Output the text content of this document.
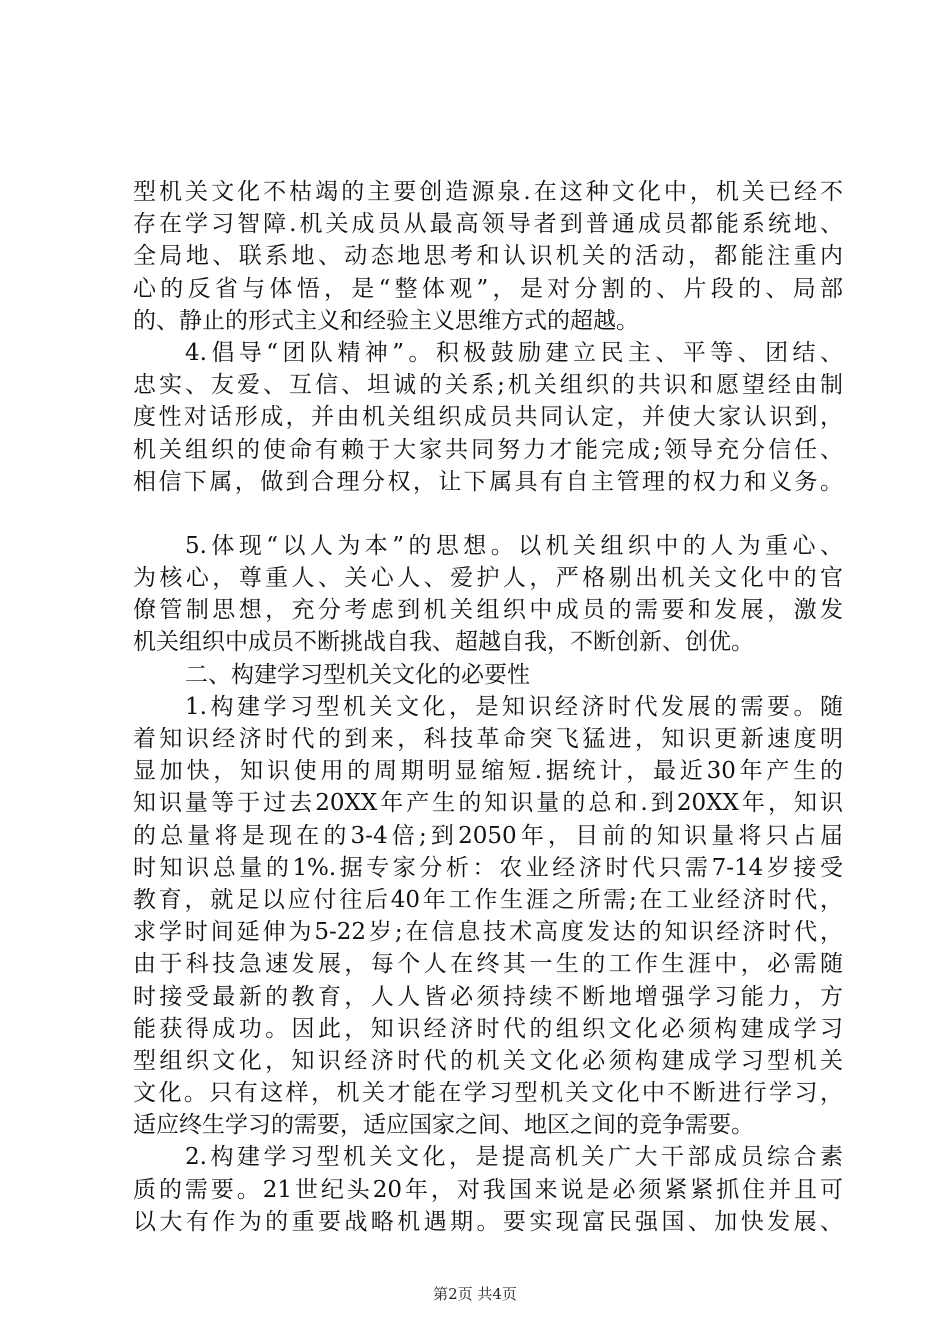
型机关文化不枯竭的主要创造源泉.在这种文化中，机关已经不
存在学习智障.机关成员从最高领导者到普通成员都能系统地、
全局地、联系地、动态地思考和认识机关的活动，都能注重内
心的反省与体悟，是“整体观”，是对分割的、片段的、局部
的、静止的形式主义和经验主义思维方式的超越。
4.倡导“团队精神”。积极鼓励建立民主、平等、团结、
忠实、友爱、互信、坦诚的关系;机关组织的共识和愿望经由制
度性对话形成，并由机关组织成员共同认定，并使大家认识到，
机关组织的使命有赖于大家共同努力才能完成;领导充分信任、
相信下属，做到合理分权，让下属具有自主管理的权力和义务。
5.体现“以人为本”的思想。以机关组织中的人为重心、
为核心，尊重人、关心人、爱护人，严格剔出机关文化中的官
僚管制思想，充分考虑到机关组织中成员的需要和发展，激发
机关组织中成员不断挑战自我、超越自我，不断创新、创优。
二、构建学习型机关文化的必要性
1.构建学习型机关文化，是知识经济时代发展的需要。随
着知识经济时代的到来，科技革命突飞猛进，知识更新速度明
显加快，知识使用的周期明显缩短.据统计，最近30年产生的
知识量等于过去20XX年产生的知识量的总和.到20XX年，知识
的总量将是现在的3-4倍;到2050年，目前的知识量将只占届
时知识总量的1%.据专家分析：农业经济时代只需7-14岁接受
教育，就足以应付往后40年工作生涯之所需;在工业经济时代，
求学时间延伸为5-22岁;在信息技术高度发达的知识经济时代，
由于科技急速发展，每个人在终其一生的工作生涯中，必需随
时接受最新的教育，人人皆必须持续不断地增强学习能力，方
能获得成功。因此，知识经济时代的组织文化必须构建成学习
型组织文化，知识经济时代的机关文化必须构建成学习型机关
文化。只有这样，机关才能在学习型机关文化中不断进行学习，
适应终生学习的需要，适应国家之间、地区之间的竞争需要。
2.构建学习型机关文化，是提高机关广大干部成员综合素
质的需要。21世纪头20年，对我国来说是必须紧紧抓住并且可
以大有作为的重要战略机遇期。要实现富民强国、加快发展、
第2页 共4页
